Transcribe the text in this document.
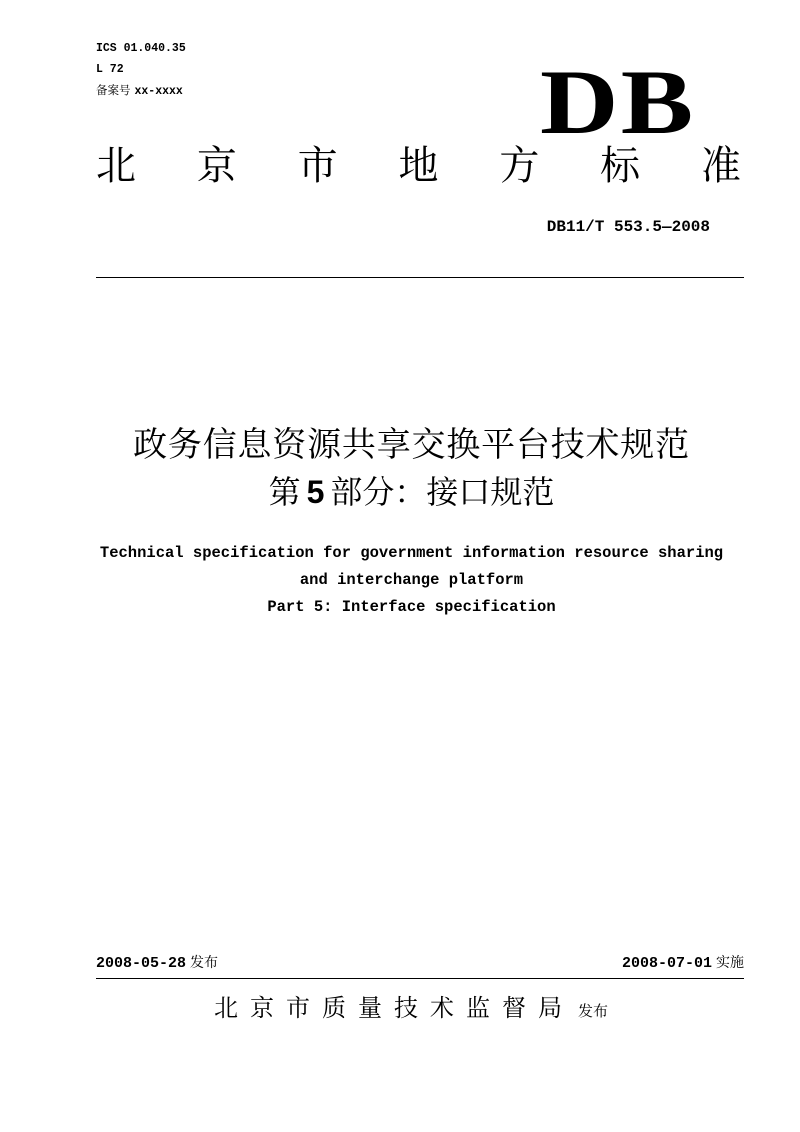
ICS 01.040.35
L 72
备案号 xx-xxxx	DB
北 京 市 地 方 标 准
DB11/T 553.5—2008
政务信息资源共享交换平台技术规范
第 5 部分：接口规范
Technical specification for government information resource sharing
and interchange platform
Part 5: Interface specification
2008-05-28 发布	2008-07-01 实施
北京市质量技术监督局 发布
